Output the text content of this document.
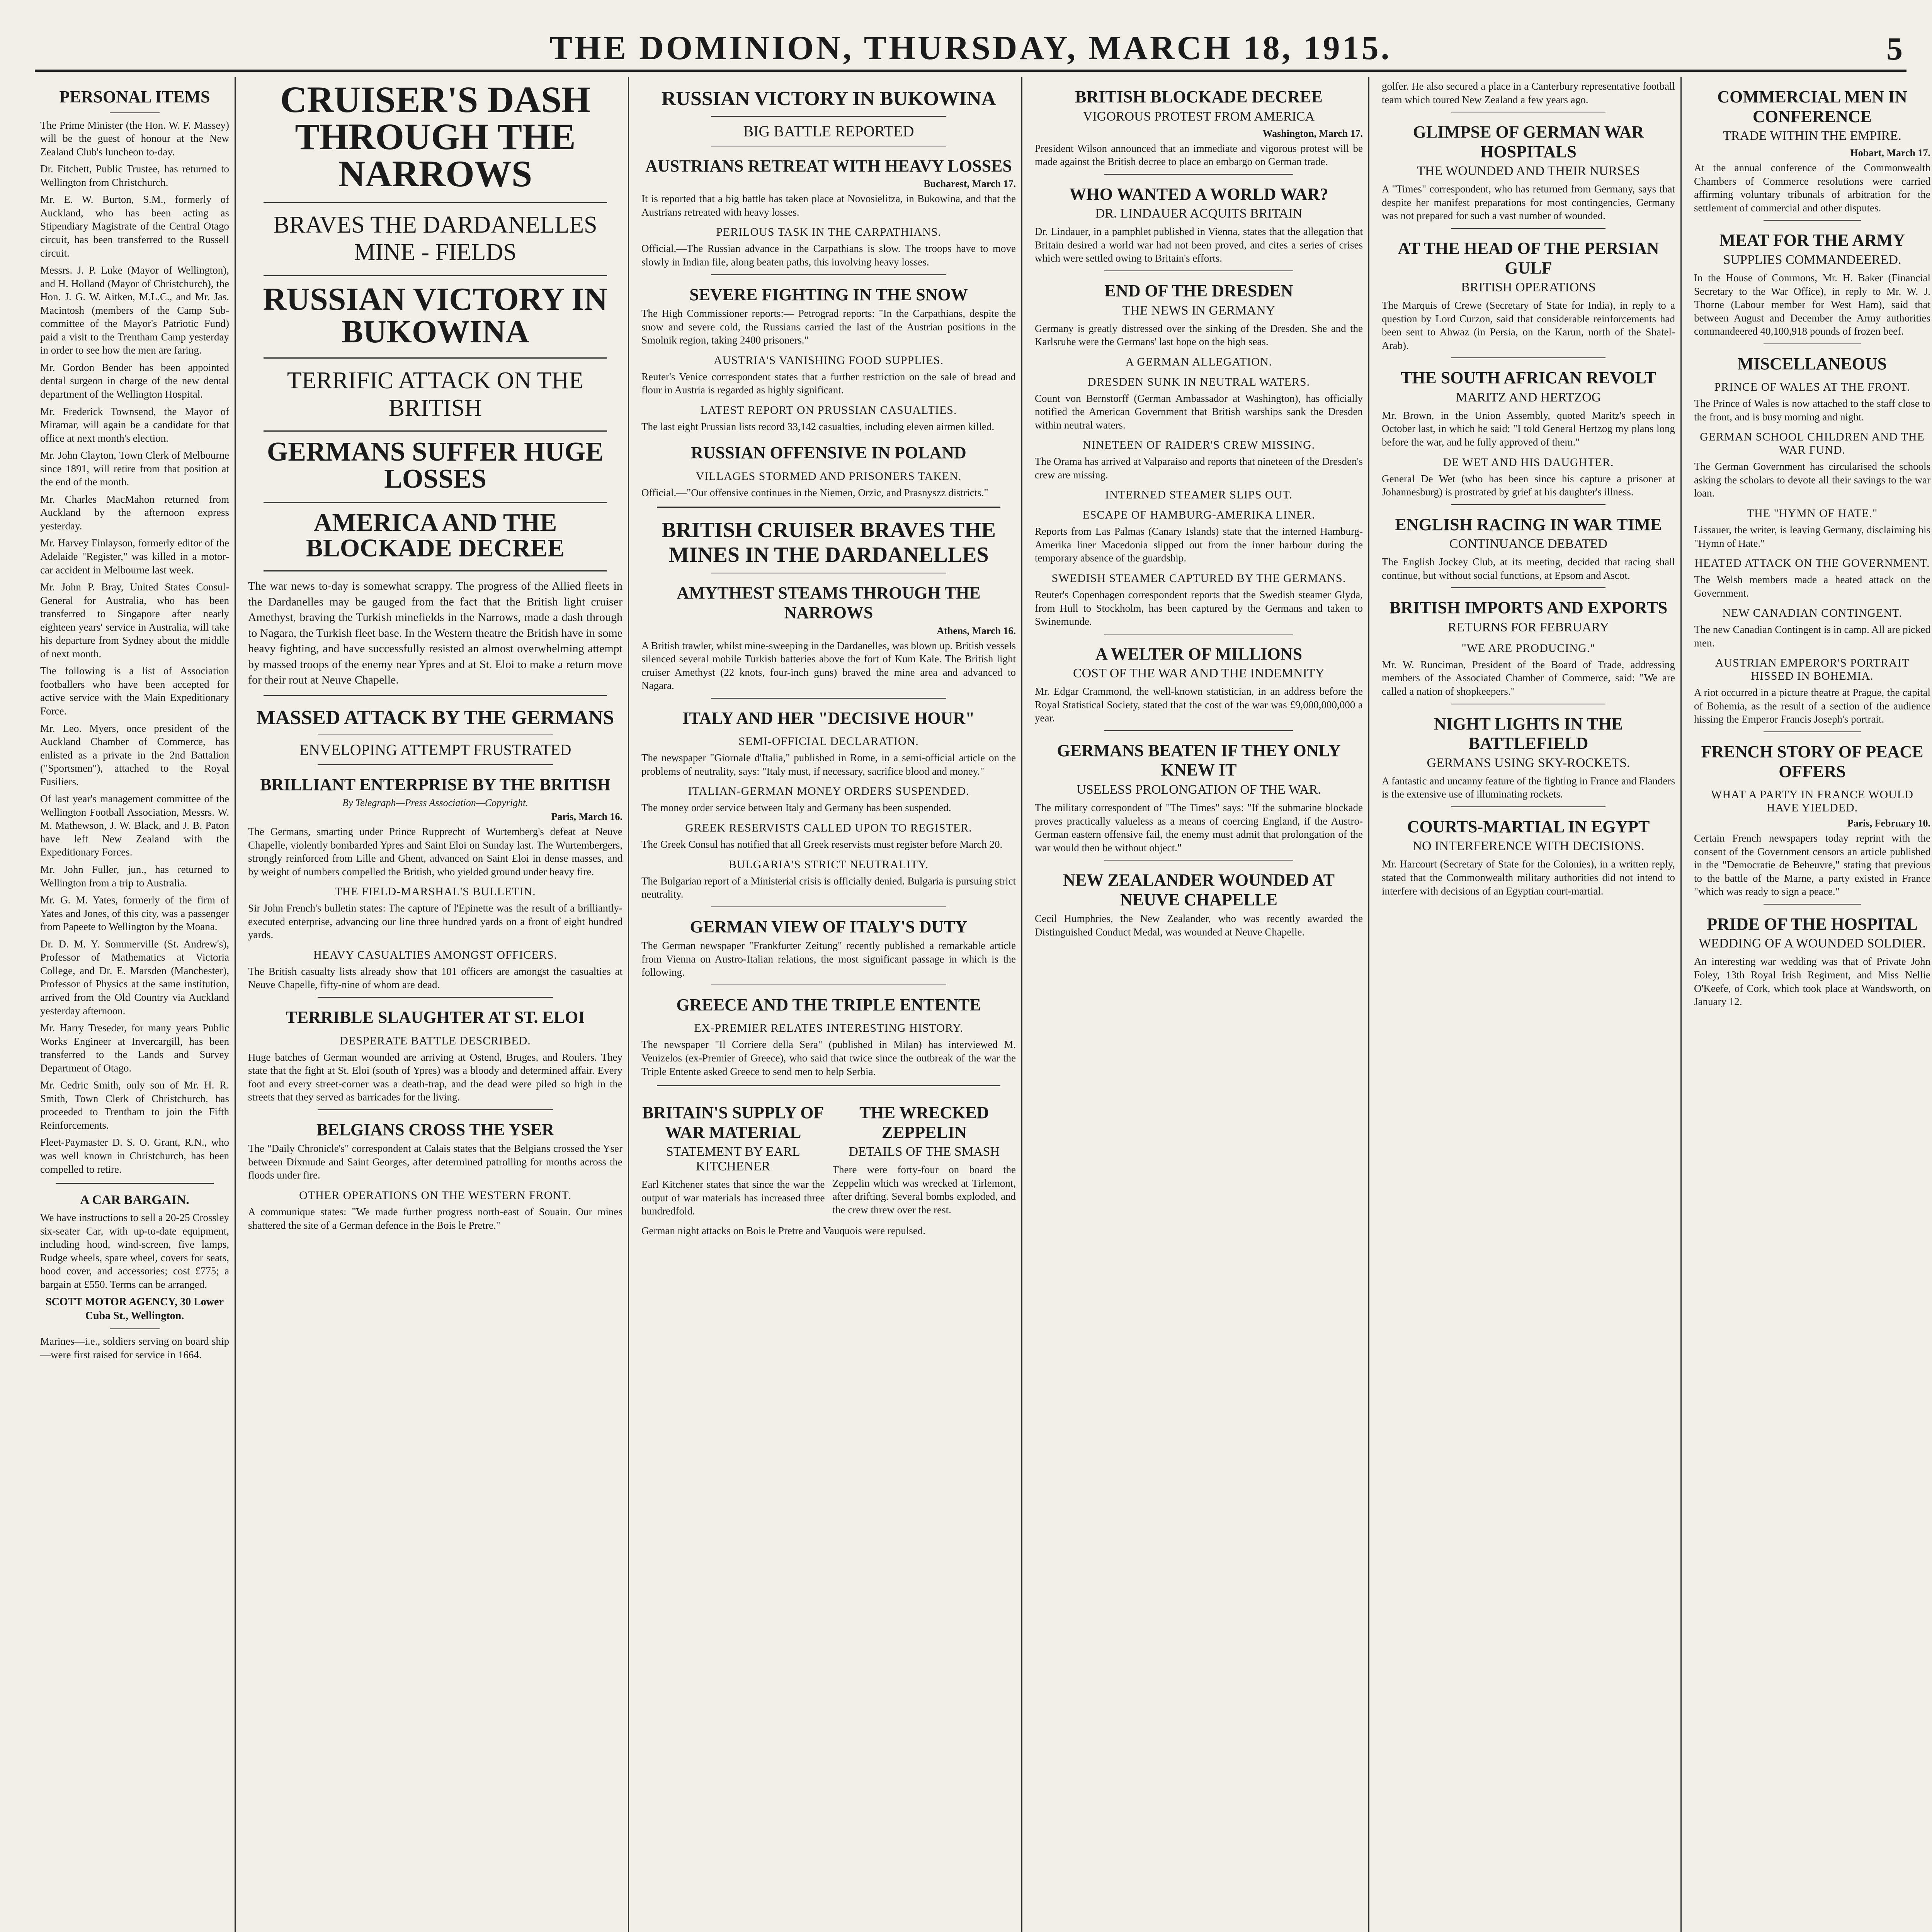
THE DOMINION, THURSDAY, MARCH 18, 1915.	5
PERSONAL ITEMS
The Prime Minister (the Hon. W. F. Massey) will be the guest of honour at the New Zealand Club's luncheon to-day.
Dr. Fitchett, Public Trustee, has returned to Wellington from Christchurch.
Mr. E. W. Burton, S.M., formerly of Auckland, who has been acting as Stipendiary Magistrate of the Central Otago circuit, has been transferred to the Russell circuit.
Messrs. J. P. Luke (Mayor of Wellington), and H. Holland (Mayor of Christchurch), the Hon. J. G. W. Aitken, M.L.C., and Mr. Jas. Macintosh (members of the Camp Sub-committee of the Mayor's Patriotic Fund) paid a visit to the Trentham Camp yesterday in order to see how the men are faring.
Mr. Gordon Bender has been appointed dental surgeon in charge of the new dental department of the Wellington Hospital.
Mr. Frederick Townsend, the Mayor of Miramar, will again be a candidate for that office at next month's election.
Mr. John Clayton, Town Clerk of Melbourne since 1891, will retire from that position at the end of the month.
Mr. Charles MacMahon returned from Auckland by the afternoon express yesterday.
Mr. Harvey Finlayson, formerly editor of the Adelaide "Register," was killed in a motor-car accident in Melbourne last week.
Mr. John P. Bray, United States Consul-General for Australia, who has been transferred to Singapore after nearly eighteen years' service in Australia, will take his departure from Sydney about the middle of next month.
The following is a list of Association footballers who have been accepted for active service with the Main Expeditionary Force.
Mr. Leo. Myers, once president of the Auckland Chamber of Commerce, has enlisted as a private in the 2nd Battalion ("Sportsmen"), attached to the Royal Fusiliers.
Of last year's management committee of the Wellington Football Association, Messrs. W. M. Mathewson, J. W. Black, and J. B. Paton have left New Zealand with the Expeditionary Forces.
Mr. John Fuller, jun., has returned to Wellington from a trip to Australia.
Mr. G. M. Yates, formerly of the firm of Yates and Jones, of this city, was a passenger from Papeete to Wellington by the Moana.
Dr. D. M. Y. Sommerville (St. Andrew's), Professor of Mathematics at Victoria College, and Dr. E. Marsden (Manchester), Professor of Physics at the same institution, arrived from the Old Country via Auckland yesterday afternoon.
Mr. Harry Treseder, for many years Public Works Engineer at Invercargill, has been transferred to the Lands and Survey Department of Otago.
Mr. Cedric Smith, only son of Mr. H. R. Smith, Town Clerk of Christchurch, has proceeded to Trentham to join the Fifth Reinforcements.
Fleet-Paymaster D. S. O. Grant, R.N., who was well known in Christchurch, has been compelled to retire.
A CAR BARGAIN.
We have instructions to sell a 20-25 Crossley six-seater Car, with up-to-date equipment, including hood, wind-screen, five lamps, Rudge wheels, spare wheel, covers for seats, hood cover, and accessories; cost £775; a bargain at £550. Terms can be arranged.
SCOTT MOTOR AGENCY, 30 Lower Cuba St., Wellington.
Marines—i.e., soldiers serving on board ship—were first raised for service in 1664.
CRUISER'S DASH THROUGH THE NARROWS
BRAVES THE DARDANELLES MINE - FIELDS
RUSSIAN VICTORY IN BUKOWINA
TERRIFIC ATTACK ON THE BRITISH
GERMANS SUFFER HUGE LOSSES
AMERICA AND THE BLOCKADE DECREE
The war news to-day is somewhat scrappy. The progress of the Allied fleets in the Dardanelles may be gauged from the fact that the British light cruiser Amethyst, braving the Turkish minefields in the Narrows, made a dash through to Nagara, the Turkish fleet base. In the Western theatre the British have in some heavy fighting, and have successfully resisted an almost overwhelming attempt by massed troops of the enemy near Ypres and at St. Eloi to make a return move for their rout at Neuve Chapelle.
MASSED ATTACK BY THE GERMANS
ENVELOPING ATTEMPT FRUSTRATED
BRILLIANT ENTERPRISE BY THE BRITISH
By Telegraph—Press Association—Copyright.
Paris, March 16.
The Germans, smarting under Prince Rupprecht of Wurtemberg's defeat at Neuve Chapelle, violently bombarded Ypres and Saint Eloi on Sunday last. The Wurtembergers, strongly reinforced from Lille and Ghent, advanced on Saint Eloi in dense masses, and by weight of numbers compelled the British, who yielded ground under heavy fire.
THE FIELD-MARSHAL'S BULLETIN.
Sir John French's bulletin states: The capture of l'Epinette was the result of a brilliantly-executed enterprise, advancing our line three hundred yards on a front of eight hundred yards.
HEAVY CASUALTIES AMONGST OFFICERS.
The British casualty lists already show that 101 officers are amongst the casualties at Neuve Chapelle, fifty-nine of whom are dead.
TERRIBLE SLAUGHTER AT ST. ELOI
DESPERATE BATTLE DESCRIBED.
Huge batches of German wounded are arriving at Ostend, Bruges, and Roulers. They state that the fight at St. Eloi (south of Ypres) was a bloody and determined affair. Every foot and every street-corner was a death-trap, and the dead were piled so high in the streets that they served as barricades for the living.
BELGIANS CROSS THE YSER
The "Daily Chronicle's" correspondent at Calais states that the Belgians crossed the Yser between Dixmude and Saint Georges, after determined patrolling for months across the floods under fire.
OTHER OPERATIONS ON THE WESTERN FRONT.
A communique states: "We made further progress north-east of Souain. Our mines shattered the site of a German defence in the Bois le Pretre."
RUSSIAN VICTORY IN BUKOWINA
BIG BATTLE REPORTED
AUSTRIANS RETREAT WITH HEAVY LOSSES
Bucharest, March 17.
It is reported that a big battle has taken place at Novosielitza, in Bukowina, and that the Austrians retreated with heavy losses.
PERILOUS TASK IN THE CARPATHIANS.
Official.—The Russian advance in the Carpathians is slow. The troops have to move slowly in Indian file, along beaten paths, this involving heavy losses.
SEVERE FIGHTING IN THE SNOW
The High Commissioner reports:— Petrograd reports: "In the Carpathians, despite the snow and severe cold, the Russians carried the last of the Austrian positions in the Smolnik region, taking 2400 prisoners."
AUSTRIA'S VANISHING FOOD SUPPLIES.
Reuter's Venice correspondent states that a further restriction on the sale of bread and flour in Austria is regarded as highly significant.
LATEST REPORT ON PRUSSIAN CASUALTIES.
The last eight Prussian lists record 33,142 casualties, including eleven airmen killed.
RUSSIAN OFFENSIVE IN POLAND
VILLAGES STORMED AND PRISONERS TAKEN.
Official.—"Our offensive continues in the Niemen, Orzic, and Prasnyszz districts."
BRITISH CRUISER BRAVES THE MINES IN THE DARDANELLES
AMYTHEST STEAMS THROUGH THE NARROWS
Athens, March 16.
A British trawler, whilst mine-sweeping in the Dardanelles, was blown up. British vessels silenced several mobile Turkish batteries above the fort of Kum Kale. The British light cruiser Amethyst (22 knots, four-inch guns) braved the mine area and advanced to Nagara.
ITALY AND HER "DECISIVE HOUR"
SEMI-OFFICIAL DECLARATION.
The newspaper "Giornale d'Italia," published in Rome, in a semi-official article on the problems of neutrality, says: "Italy must, if necessary, sacrifice blood and money."
ITALIAN-GERMAN MONEY ORDERS SUSPENDED.
The money order service between Italy and Germany has been suspended.
GREEK RESERVISTS CALLED UPON TO REGISTER.
The Greek Consul has notified that all Greek reservists must register before March 20.
BULGARIA'S STRICT NEUTRALITY.
The Bulgarian report of a Ministerial crisis is officially denied. Bulgaria is pursuing strict neutrality.
GERMAN VIEW OF ITALY'S DUTY
The German newspaper "Frankfurter Zeitung" recently published a remarkable article from Vienna on Austro-Italian relations, the most significant passage in which is the following.
GREECE AND THE TRIPLE ENTENTE
EX-PREMIER RELATES INTERESTING HISTORY.
The newspaper "Il Corriere della Sera" (published in Milan) has interviewed M. Venizelos (ex-Premier of Greece), who said that twice since the outbreak of the war the Triple Entente asked Greece to send men to help Serbia.
BRITAIN'S SUPPLY OF WAR MATERIAL
STATEMENT BY EARL KITCHENER
Earl Kitchener states that since the war the output of war materials has increased three hundredfold.
THE WRECKED ZEPPELIN
DETAILS OF THE SMASH
There were forty-four on board the Zeppelin which was wrecked at Tirlemont, after drifting. Several bombs exploded, and the crew threw over the rest.
German night attacks on Bois le Pretre and Vauquois were repulsed.
BRITISH BLOCKADE DECREE
VIGOROUS PROTEST FROM AMERICA
Washington, March 17.
President Wilson announced that an immediate and vigorous protest will be made against the British decree to place an embargo on German trade.
WHO WANTED A WORLD WAR?
DR. LINDAUER ACQUITS BRITAIN
Dr. Lindauer, in a pamphlet published in Vienna, states that the allegation that Britain desired a world war had not been proved, and cites a series of crises which were settled owing to Britain's efforts.
END OF THE DRESDEN
THE NEWS IN GERMANY
Germany is greatly distressed over the sinking of the Dresden. She and the Karlsruhe were the Germans' last hope on the high seas.
A GERMAN ALLEGATION.
DRESDEN SUNK IN NEUTRAL WATERS.
Count von Bernstorff (German Ambassador at Washington), has officially notified the American Government that British warships sank the Dresden within neutral waters.
NINETEEN OF RAIDER'S CREW MISSING.
The Orama has arrived at Valparaiso and reports that nineteen of the Dresden's crew are missing.
INTERNED STEAMER SLIPS OUT.
ESCAPE OF HAMBURG-AMERIKA LINER.
Reports from Las Palmas (Canary Islands) state that the interned Hamburg-Amerika liner Macedonia slipped out from the inner harbour during the temporary absence of the guardship.
SWEDISH STEAMER CAPTURED BY THE GERMANS.
Reuter's Copenhagen correspondent reports that the Swedish steamer Glyda, from Hull to Stockholm, has been captured by the Germans and taken to Swinemunde.
A WELTER OF MILLIONS
COST OF THE WAR AND THE INDEMNITY
Mr. Edgar Crammond, the well-known statistician, in an address before the Royal Statistical Society, stated that the cost of the war was £9,000,000,000 a year.
GERMANS BEATEN IF THEY ONLY KNEW IT
USELESS PROLONGATION OF THE WAR.
The military correspondent of "The Times" says: "If the submarine blockade proves practically valueless as a means of coercing England, if the Austro-German eastern offensive fail, the enemy must admit that prolongation of the war would then be without object."
NEW ZEALANDER WOUNDED AT NEUVE CHAPELLE
Cecil Humphries, the New Zealander, who was recently awarded the Distinguished Conduct Medal, was wounded at Neuve Chapelle.
golfer. He also secured a place in a Canterbury representative football team which toured New Zealand a few years ago.
GLIMPSE OF GERMAN WAR HOSPITALS
THE WOUNDED AND THEIR NURSES
A "Times" correspondent, who has returned from Germany, says that despite her manifest preparations for most contingencies, Germany was not prepared for such a vast number of wounded.
AT THE HEAD OF THE PERSIAN GULF
BRITISH OPERATIONS
The Marquis of Crewe (Secretary of State for India), in reply to a question by Lord Curzon, said that considerable reinforcements had been sent to Ahwaz (in Persia, on the Karun, north of the Shatel-Arab).
THE SOUTH AFRICAN REVOLT
MARITZ AND HERTZOG
Mr. Brown, in the Union Assembly, quoted Maritz's speech in October last, in which he said: "I told General Hertzog my plans long before the war, and he fully approved of them."
DE WET AND HIS DAUGHTER.
General De Wet (who has been since his capture a prisoner at Johannesburg) is prostrated by grief at his daughter's illness.
ENGLISH RACING IN WAR TIME
CONTINUANCE DEBATED
The English Jockey Club, at its meeting, decided that racing shall continue, but without social functions, at Epsom and Ascot.
BRITISH IMPORTS AND EXPORTS
RETURNS FOR FEBRUARY
"WE ARE PRODUCING."
Mr. W. Runciman, President of the Board of Trade, addressing members of the Associated Chamber of Commerce, said: "We are called a nation of shopkeepers."
NIGHT LIGHTS IN THE BATTLEFIELD
GERMANS USING SKY-ROCKETS.
A fantastic and uncanny feature of the fighting in France and Flanders is the extensive use of illuminating rockets.
COURTS-MARTIAL IN EGYPT
NO INTERFERENCE WITH DECISIONS.
Mr. Harcourt (Secretary of State for the Colonies), in a written reply, stated that the Commonwealth military authorities did not intend to interfere with decisions of an Egyptian court-martial.
COMMERCIAL MEN IN CONFERENCE
TRADE WITHIN THE EMPIRE.
Hobart, March 17.
At the annual conference of the Commonwealth Chambers of Commerce resolutions were carried affirming voluntary tribunals of arbitration for the settlement of commercial and other disputes.
MEAT FOR THE ARMY
SUPPLIES COMMANDEERED.
In the House of Commons, Mr. H. Baker (Financial Secretary to the War Office), in reply to Mr. W. J. Thorne (Labour member for West Ham), said that between August and December the Army authorities commandeered 40,100,918 pounds of frozen beef.
MISCELLANEOUS
PRINCE OF WALES AT THE FRONT.
The Prince of Wales is now attached to the staff close to the front, and is busy morning and night.
GERMAN SCHOOL CHILDREN AND THE WAR FUND.
The German Government has circularised the schools asking the scholars to devote all their savings to the war loan.
THE "HYMN OF HATE."
Lissauer, the writer, is leaving Germany, disclaiming his "Hymn of Hate."
HEATED ATTACK ON THE GOVERNMENT.
The Welsh members made a heated attack on the Government.
NEW CANADIAN CONTINGENT.
The new Canadian Contingent is in camp. All are picked men.
AUSTRIAN EMPEROR'S PORTRAIT HISSED IN BOHEMIA.
A riot occurred in a picture theatre at Prague, the capital of Bohemia, as the result of a section of the audience hissing the Emperor Francis Joseph's portrait.
FRENCH STORY OF PEACE OFFERS
WHAT A PARTY IN FRANCE WOULD HAVE YIELDED.
Paris, February 10.
Certain French newspapers today reprint with the consent of the Government censors an article published in the "Democratie de Beheuvre," stating that previous to the battle of the Marne, a party existed in France "which was ready to sign a peace."
PRIDE OF THE HOSPITAL
WEDDING OF A WOUNDED SOLDIER.
An interesting war wedding was that of Private John Foley, 13th Royal Irish Regiment, and Miss Nellie O'Keefe, of Cork, which took place at Wandsworth, on January 12.
